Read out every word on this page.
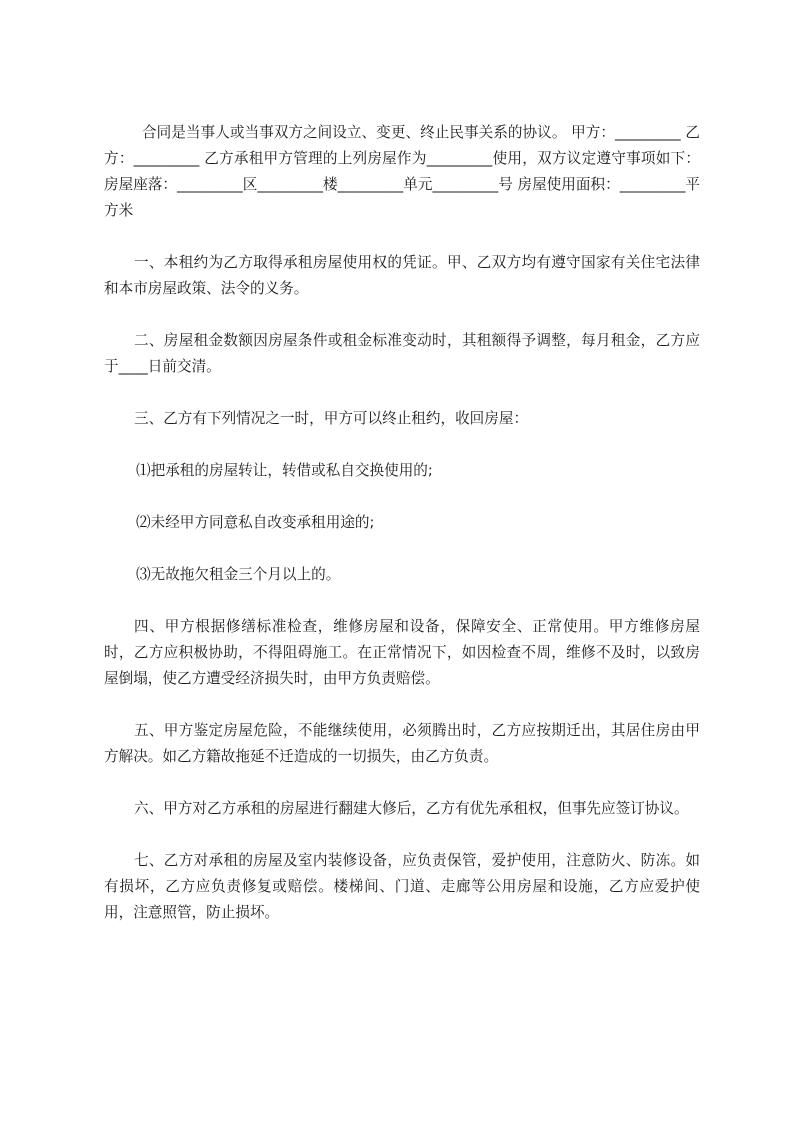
合同是当事人或当事双方之间设立、变更、终止民事关系的协议。 甲方：_________ 乙方：_________ 乙方承租甲方管理的上列房屋作为_________使用，双方议定遵守事项如下： 房屋座落：_________区_________楼_________单元_________号 房屋使用面积：_________平方米

一、本租约为乙方取得承租房屋使用权的凭证。甲、乙双方均有遵守国家有关住宅法律和本市房屋政策、法令的义务。

二、房屋租金数额因房屋条件或租金标准变动时，其租额得予调整，每月租金，乙方应于____日前交清。

三、乙方有下列情况之一时，甲方可以终止租约，收回房屋：

⑴把承租的房屋转让，转借或私自交换使用的;

⑵未经甲方同意私自改变承租用途的;

⑶无故拖欠租金三个月以上的。

四、甲方根据修缮标准检查，维修房屋和设备，保障安全、正常使用。甲方维修房屋时，乙方应积极协助，不得阻碍施工。在正常情况下，如因检查不周，维修不及时，以致房屋倒塌，使乙方遭受经济损失时，由甲方负责赔偿。

五、甲方鉴定房屋危险，不能继续使用，必须腾出时，乙方应按期迁出，其居住房由甲方解决。如乙方籍故拖延不迁造成的一切损失，由乙方负责。

六、甲方对乙方承租的房屋进行翻建大修后，乙方有优先承租权，但事先应签订协议。

七、乙方对承租的房屋及室内装修设备，应负责保管，爱护使用，注意防火、防冻。如有损坏，乙方应负责修复或赔偿。楼梯间、门道、走廊等公用房屋和设施，乙方应爱护使用，注意照管，防止损坏。
